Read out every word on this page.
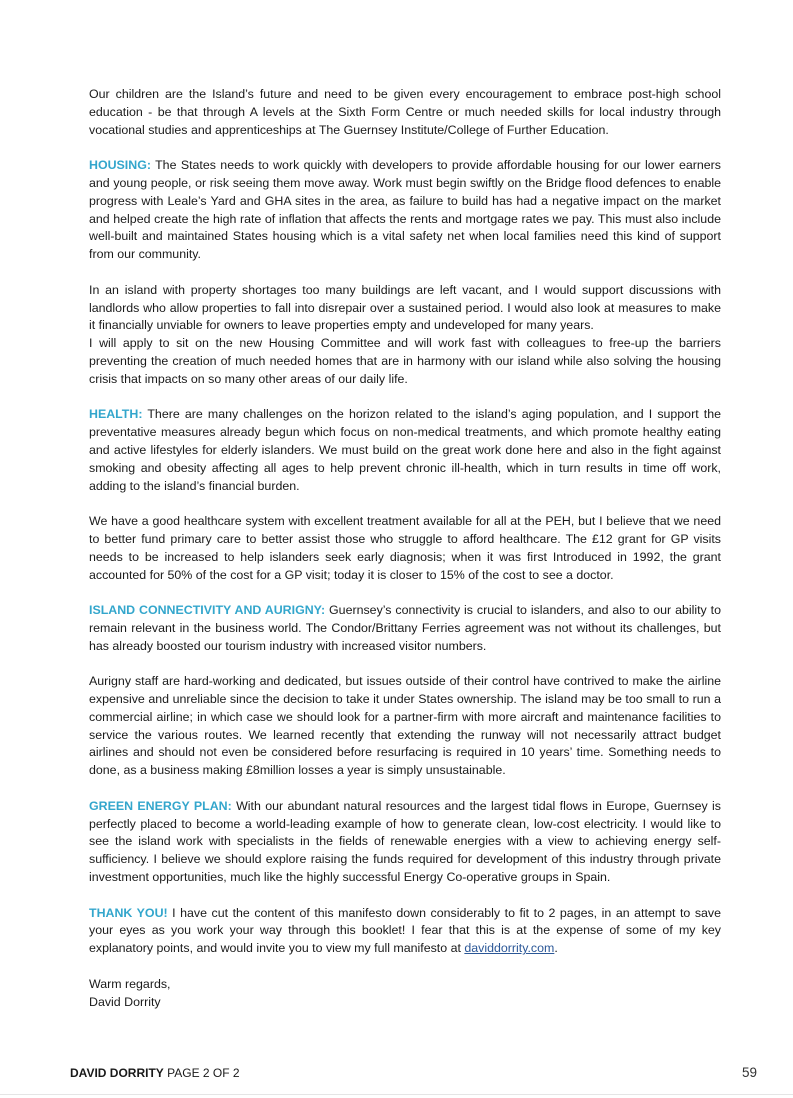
Our children are the Island’s future and need to be given every encouragement to embrace post-high school education - be that through A levels at the Sixth Form Centre or much needed skills for local industry through vocational studies and apprenticeships at The Guernsey Institute/College of Further Education.

HOUSING: The States needs to work quickly with developers to provide affordable housing for our lower earners and young people, or risk seeing them move away. Work must begin swiftly on the Bridge flood defences to enable progress with Leale’s Yard and GHA sites in the area, as failure to build has had a negative impact on the market and helped create the high rate of inflation that affects the rents and mortgage rates we pay. This must also include well-built and maintained States housing which is a vital safety net when local families need this kind of support from our community.

In an island with property shortages too many buildings are left vacant, and I would support discussions with landlords who allow properties to fall into disrepair over a sustained period. I would also look at measures to make it financially unviable for owners to leave properties empty and undeveloped for many years.

I will apply to sit on the new Housing Committee and will work fast with colleagues to free-up the barriers preventing the creation of much needed homes that are in harmony with our island while also solving the housing crisis that impacts on so many other areas of our daily life.

HEALTH: There are many challenges on the horizon related to the island’s aging population, and I support the preventative measures already begun which focus on non-medical treatments, and which promote healthy eating and active lifestyles for elderly islanders. We must build on the great work done here and also in the fight against smoking and obesity affecting all ages to help prevent chronic ill-health, which in turn results in time off work, adding to the island’s financial burden.

We have a good healthcare system with excellent treatment available for all at the PEH, but I believe that we need to better fund primary care to better assist those who struggle to afford healthcare. The £12 grant for GP visits needs to be increased to help islanders seek early diagnosis; when it was first Introduced in 1992, the grant accounted for 50% of the cost for a GP visit; today it is closer to 15% of the cost to see a doctor.

ISLAND CONNECTIVITY AND AURIGNY: Guernsey’s connectivity is crucial to islanders, and also to our ability to remain relevant in the business world. The Condor/Brittany Ferries agreement was not without its challenges, but has already boosted our tourism industry with increased visitor numbers.

Aurigny staff are hard-working and dedicated, but issues outside of their control have contrived to make the airline expensive and unreliable since the decision to take it under States ownership. The island may be too small to run a commercial airline; in which case we should look for a partner-firm with more aircraft and maintenance facilities to service the various routes. We learned recently that extending the runway will not necessarily attract budget airlines and should not even be considered before resurfacing is required in 10 years’ time. Something needs to done, as a business making £8million losses a year is simply unsustainable.

GREEN ENERGY PLAN: With our abundant natural resources and the largest tidal flows in Europe, Guernsey is perfectly placed to become a world-leading example of how to generate clean, low-cost electricity. I would like to see the island work with specialists in the fields of renewable energies with a view to achieving energy self-sufficiency. I believe we should explore raising the funds required for development of this industry through private investment opportunities, much like the highly successful Energy Co-operative groups in Spain.

THANK YOU! I have cut the content of this manifesto down considerably to fit to 2 pages, in an attempt to save your eyes as you work your way through this booklet! I fear that this is at the expense of some of my key explanatory points, and would invite you to view my full manifesto at daviddorrity.com.

Warm regards,
David Dorrity
DAVID DORRITY PAGE 2 OF 2	59
